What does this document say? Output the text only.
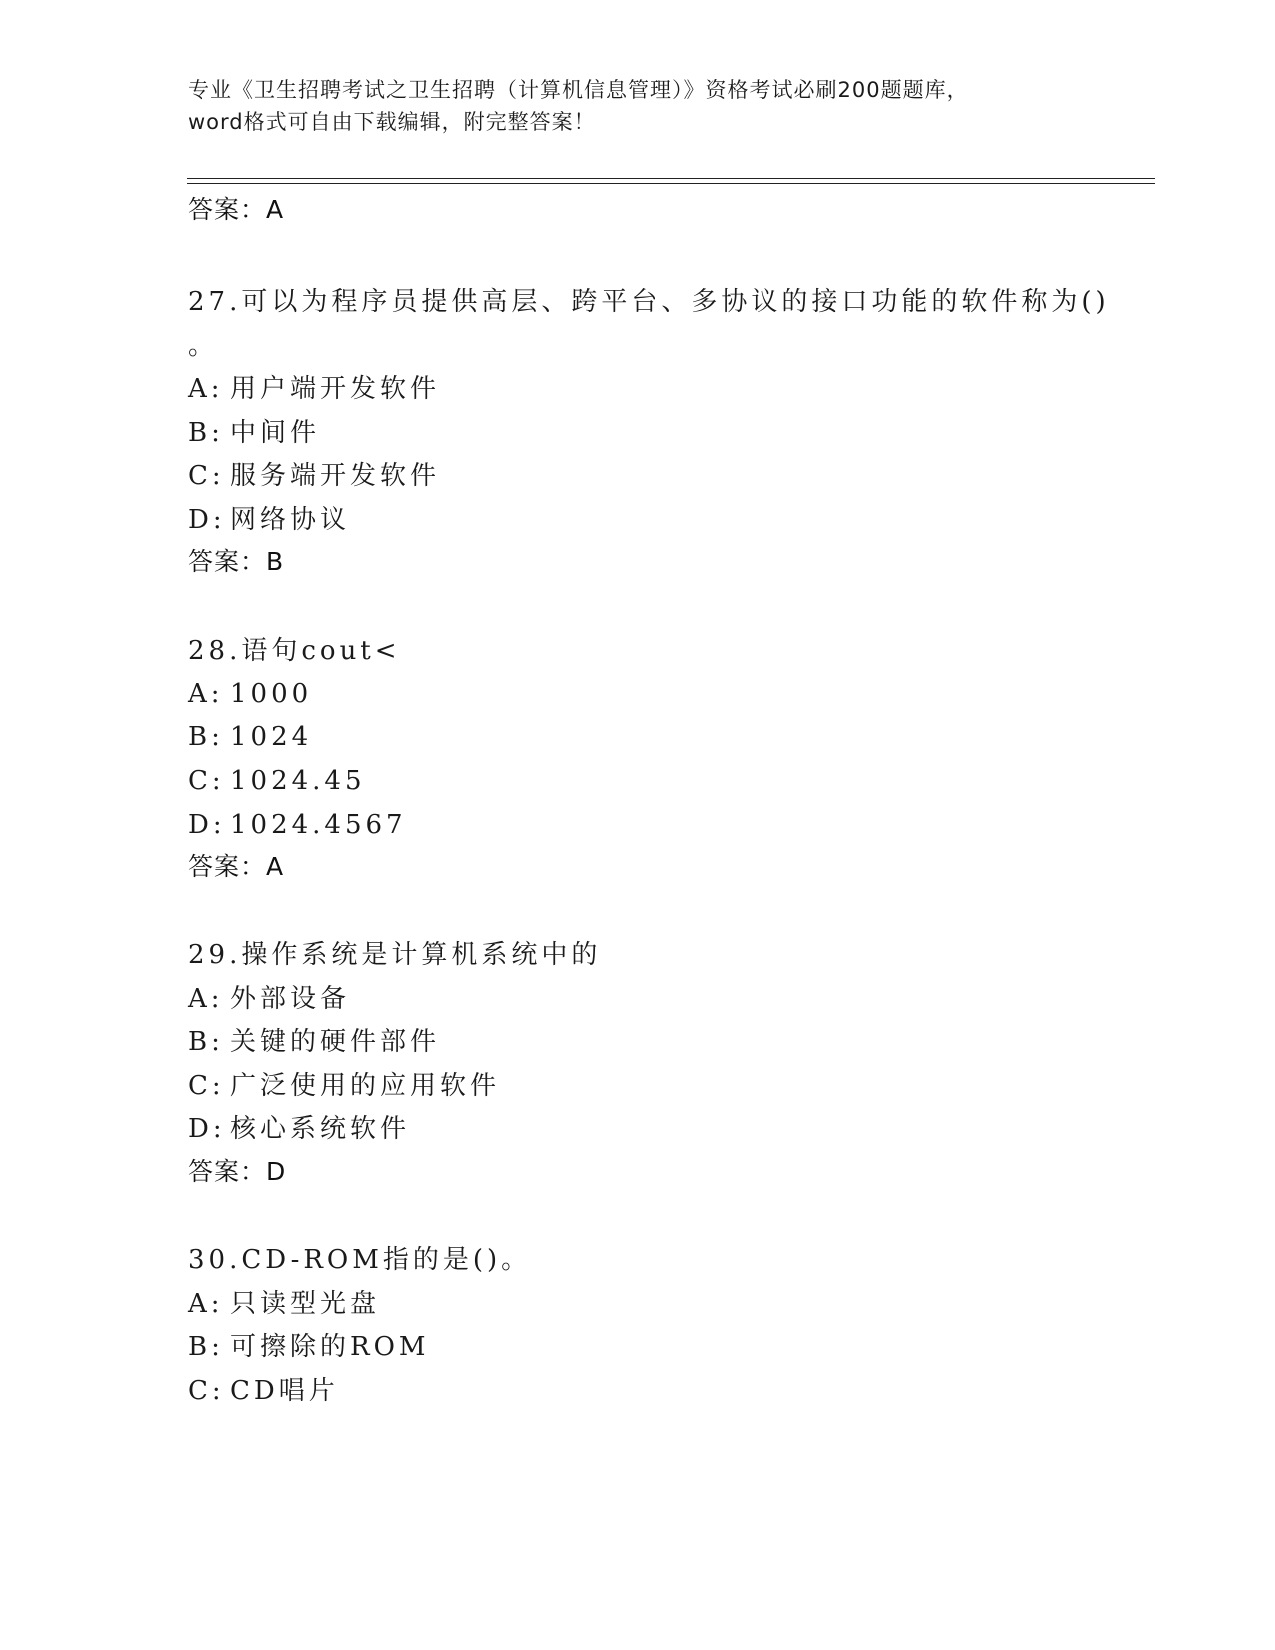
专业《卫生招聘考试之卫生招聘（计算机信息管理）》资格考试必刷200题题库，
word格式可自由下载编辑，附完整答案！
答案：A
27.可以为程序员提供高层、跨平台、多协议的接口功能的软件称为()
。
A: 用户端开发软件
B: 中间件
C: 服务端开发软件
D: 网络协议
答案：B
28.语句cout<
A: 1000
B: 1024
C: 1024.45
D: 1024.4567
答案：A
29.操作系统是计算机系统中的
A: 外部设备
B: 关键的硬件部件
C: 广泛使用的应用软件
D: 核心系统软件
答案：D
30.CD-ROM指的是()。
A: 只读型光盘
B: 可擦除的ROM
C: CD唱片
